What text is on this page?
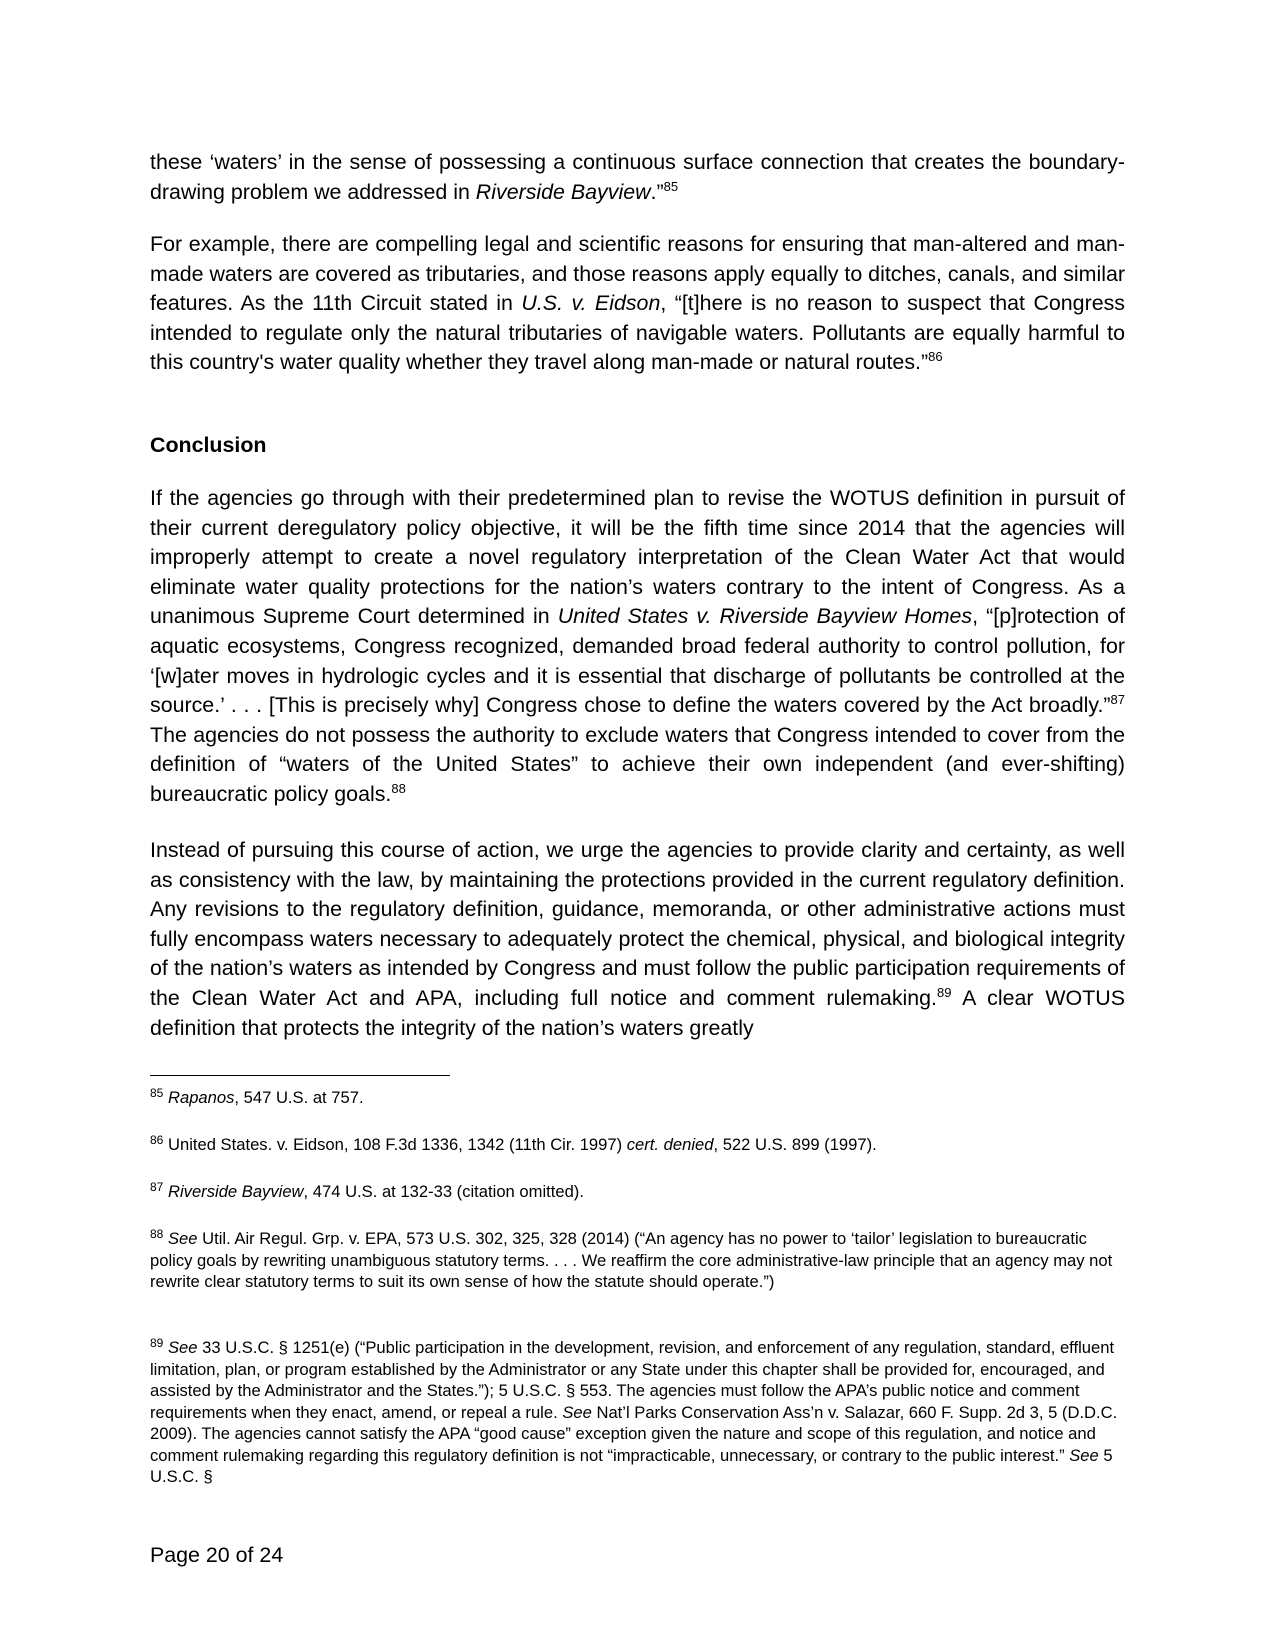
these ‘waters’ in the sense of possessing a continuous surface connection that creates the boundary-drawing problem we addressed in Riverside Bayview.”$^{85}$

For example, there are compelling legal and scientific reasons for ensuring that man-altered and man-made waters are covered as tributaries, and those reasons apply equally to ditches, canals, and similar features. As the 11th Circuit stated in U.S. v. Eidson, “[t]here is no reason to suspect that Congress intended to regulate only the natural tributaries of navigable waters. Pollutants are equally harmful to this country's water quality whether they travel along man-made or natural routes.”$^{86}$

Conclusion

If the agencies go through with their predetermined plan to revise the WOTUS definition in pursuit of their current deregulatory policy objective, it will be the fifth time since 2014 that the agencies will improperly attempt to create a novel regulatory interpretation of the Clean Water Act that would eliminate water quality protections for the nation’s waters contrary to the intent of Congress. As a unanimous Supreme Court determined in United States v. Riverside Bayview Homes, “[p]rotection of aquatic ecosystems, Congress recognized, demanded broad federal authority to control pollution, for ‘[w]ater moves in hydrologic cycles and it is essential that discharge of pollutants be controlled at the source.’ . . . [This is precisely why] Congress chose to define the waters covered by the Act broadly.”$^{87}$ The agencies do not possess the authority to exclude waters that Congress intended to cover from the definition of “waters of the United States” to achieve their own independent (and ever-shifting) bureaucratic policy goals.$^{88}$

Instead of pursuing this course of action, we urge the agencies to provide clarity and certainty, as well as consistency with the law, by maintaining the protections provided in the current regulatory definition. Any revisions to the regulatory definition, guidance, memoranda, or other administrative actions must fully encompass waters necessary to adequately protect the chemical, physical, and biological integrity of the nation’s waters as intended by Congress and must follow the public participation requirements of the Clean Water Act and APA, including full notice and comment rulemaking.$^{89}$ A clear WOTUS definition that protects the integrity of the nation’s waters greatly

$^{85}$ Rapanos, 547 U.S. at 757.

$^{86}$ United States. v. Eidson, 108 F.3d 1336, 1342 (11th Cir. 1997) cert. denied, 522 U.S. 899 (1997).

$^{87}$ Riverside Bayview, 474 U.S. at 132-33 (citation omitted).

$^{88}$ See Util. Air Regul. Grp. v. EPA, 573 U.S. 302, 325, 328 (2014) (“An agency has no power to ‘tailor’ legislation to bureaucratic policy goals by rewriting unambiguous statutory terms. . . . We reaffirm the core administrative-law principle that an agency may not rewrite clear statutory terms to suit its own sense of how the statute should operate.”)

$^{89}$ See 33 U.S.C. § 1251(e) (“Public participation in the development, revision, and enforcement of any regulation, standard, effluent limitation, plan, or program established by the Administrator or any State under this chapter shall be provided for, encouraged, and assisted by the Administrator and the States.”); 5 U.S.C. § 553. The agencies must follow the APA’s public notice and comment requirements when they enact, amend, or repeal a rule. See Nat’l Parks Conservation Ass’n v. Salazar, 660 F. Supp. 2d 3, 5 (D.D.C. 2009). The agencies cannot satisfy the APA “good cause” exception given the nature and scope of this regulation, and notice and comment rulemaking regarding this regulatory definition is not “impracticable, unnecessary, or contrary to the public interest.” See 5 U.S.C. §

Page 20 of 24
